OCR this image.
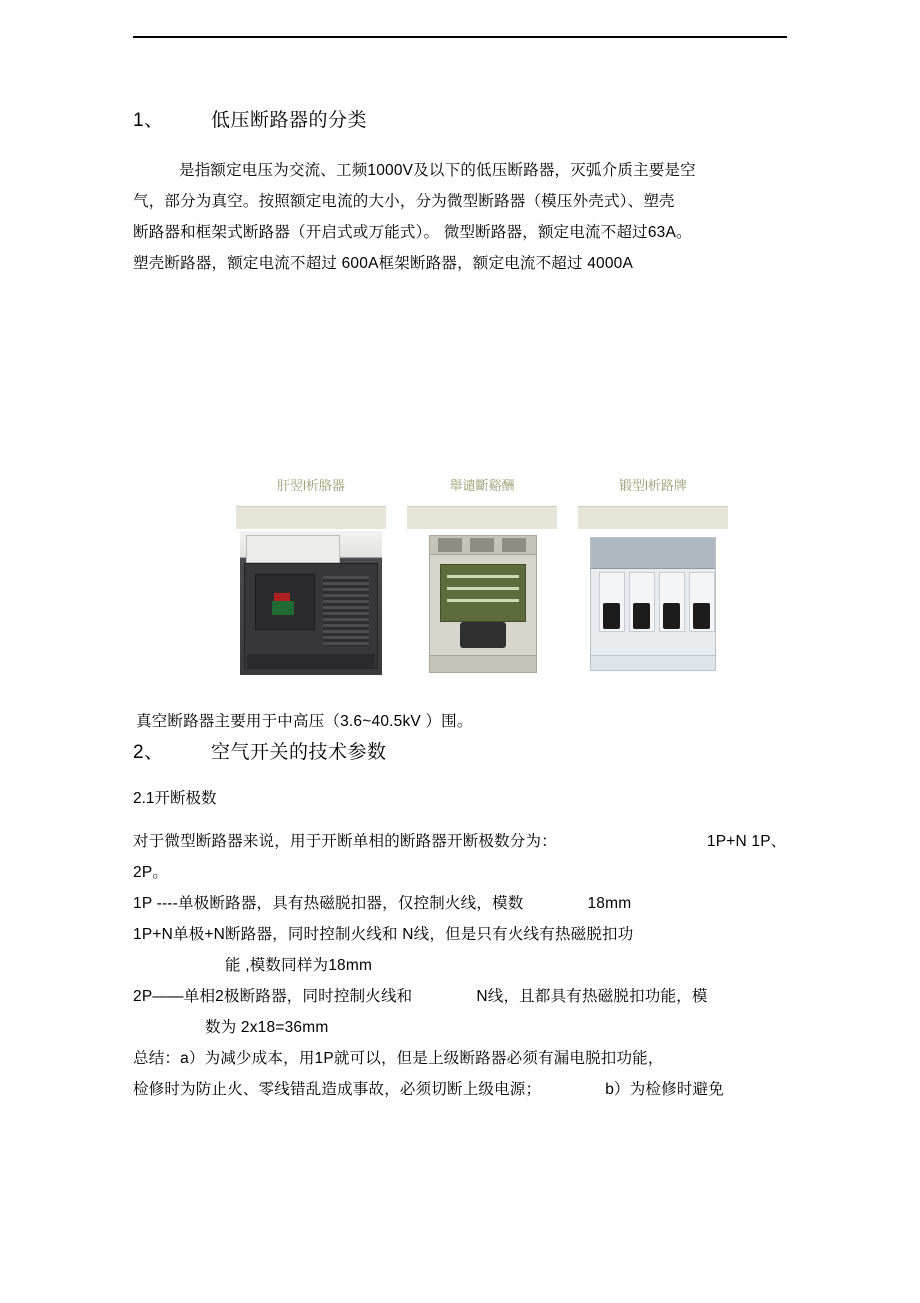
1、 低压断路器的分类
是指额定电压为交流、工频1000V及以下的低压断路器，灭弧介质主要是空
气，部分为真空。按照额定电流的大小，分为微型断路器（模压外壳式）、塑壳
断路器和框架式断路器（开启式或万能式）。 微型断路器，额定电流不超过63A。
塑壳断路器，额定电流不超过 600A框架断路器，额定电流不超过 4000A
肝翌l析胳器	舉谴斷谿酬	锻型l析路牌
真空断路器主要用于中高压（3.6~40.5kV ）围。
2、 空气开关的技术参数
2.1开断极数
对于微型断路器来说，用于开断单相的断路器开断极数分为：	1P+N 1P、2P。
1P ----单极断路器，具有热磁脱扣器，仅控制火线，模数	18mm
1P+N单极+N断路器，同时控制火线和 N线，但是只有火线有热磁脱扣功
能 ,模数同样为18mm
2P——单相2极断路器，同时控制火线和	N线，且都具有热磁脱扣功能，模
数为 2x18=36mm
总结：a）为减少成本，用1P就可以，但是上级断路器必须有漏电脱扣功能，
检修时为防止火、零线错乱造成事故，必须切断上级电源；	b）为检修时避免
